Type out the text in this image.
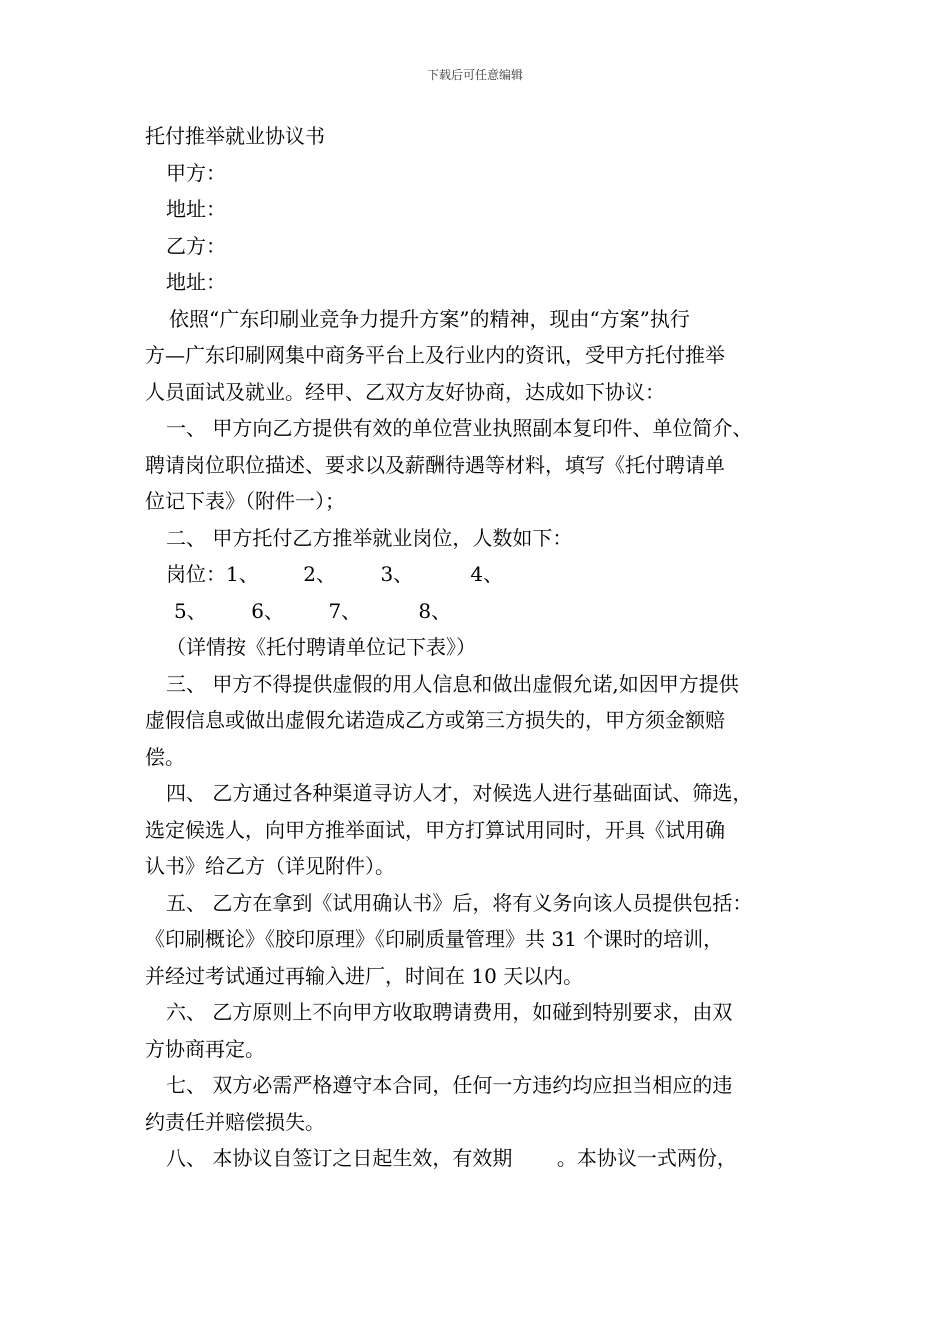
下载后可任意编辑
托付推举就业协议书
甲方：
地址：
乙方：
地址：
依照“广东印刷业竞争力提升方案”的精神，现由“方案”执行
方—广东印刷网集中商务平台上及行业内的资讯，受甲方托付推举
人员面试及就业。经甲、乙双方友好协商，达成如下协议：
一、 甲方向乙方提供有效的单位营业执照副本复印件、单位简介、
聘请岗位职位描述、要求以及薪酬待遇等材料，填写《托付聘请单
位记下表》（附件一）；
二、 甲方托付乙方推举就业岗位，人数如下：
岗位：1、       2、       3、         4、
5、       6、       7、         8、
（详情按《托付聘请单位记下表》）
三、 甲方不得提供虚假的用人信息和做出虚假允诺,如因甲方提供
虚假信息或做出虚假允诺造成乙方或第三方损失的，甲方须金额赔
偿。
四、 乙方通过各种渠道寻访人才，对候选人进行基础面试、筛选，
选定候选人，向甲方推举面试，甲方打算试用同时，开具《试用确
认书》给乙方（详见附件）。
五、 乙方在拿到《试用确认书》后，将有义务向该人员提供包括：
《印刷概论》《胶印原理》《印刷质量管理》共 31 个课时的培训，
并经过考试通过再输入进厂，时间在 10 天以内。
六、 乙方原则上不向甲方收取聘请费用，如碰到特别要求，由双
方协商再定。
七、 双方必需严格遵守本合同，任何一方违约均应担当相应的违
约责任并赔偿损失。
八、 本协议自签订之日起生效，有效期       。本协议一式两份，
